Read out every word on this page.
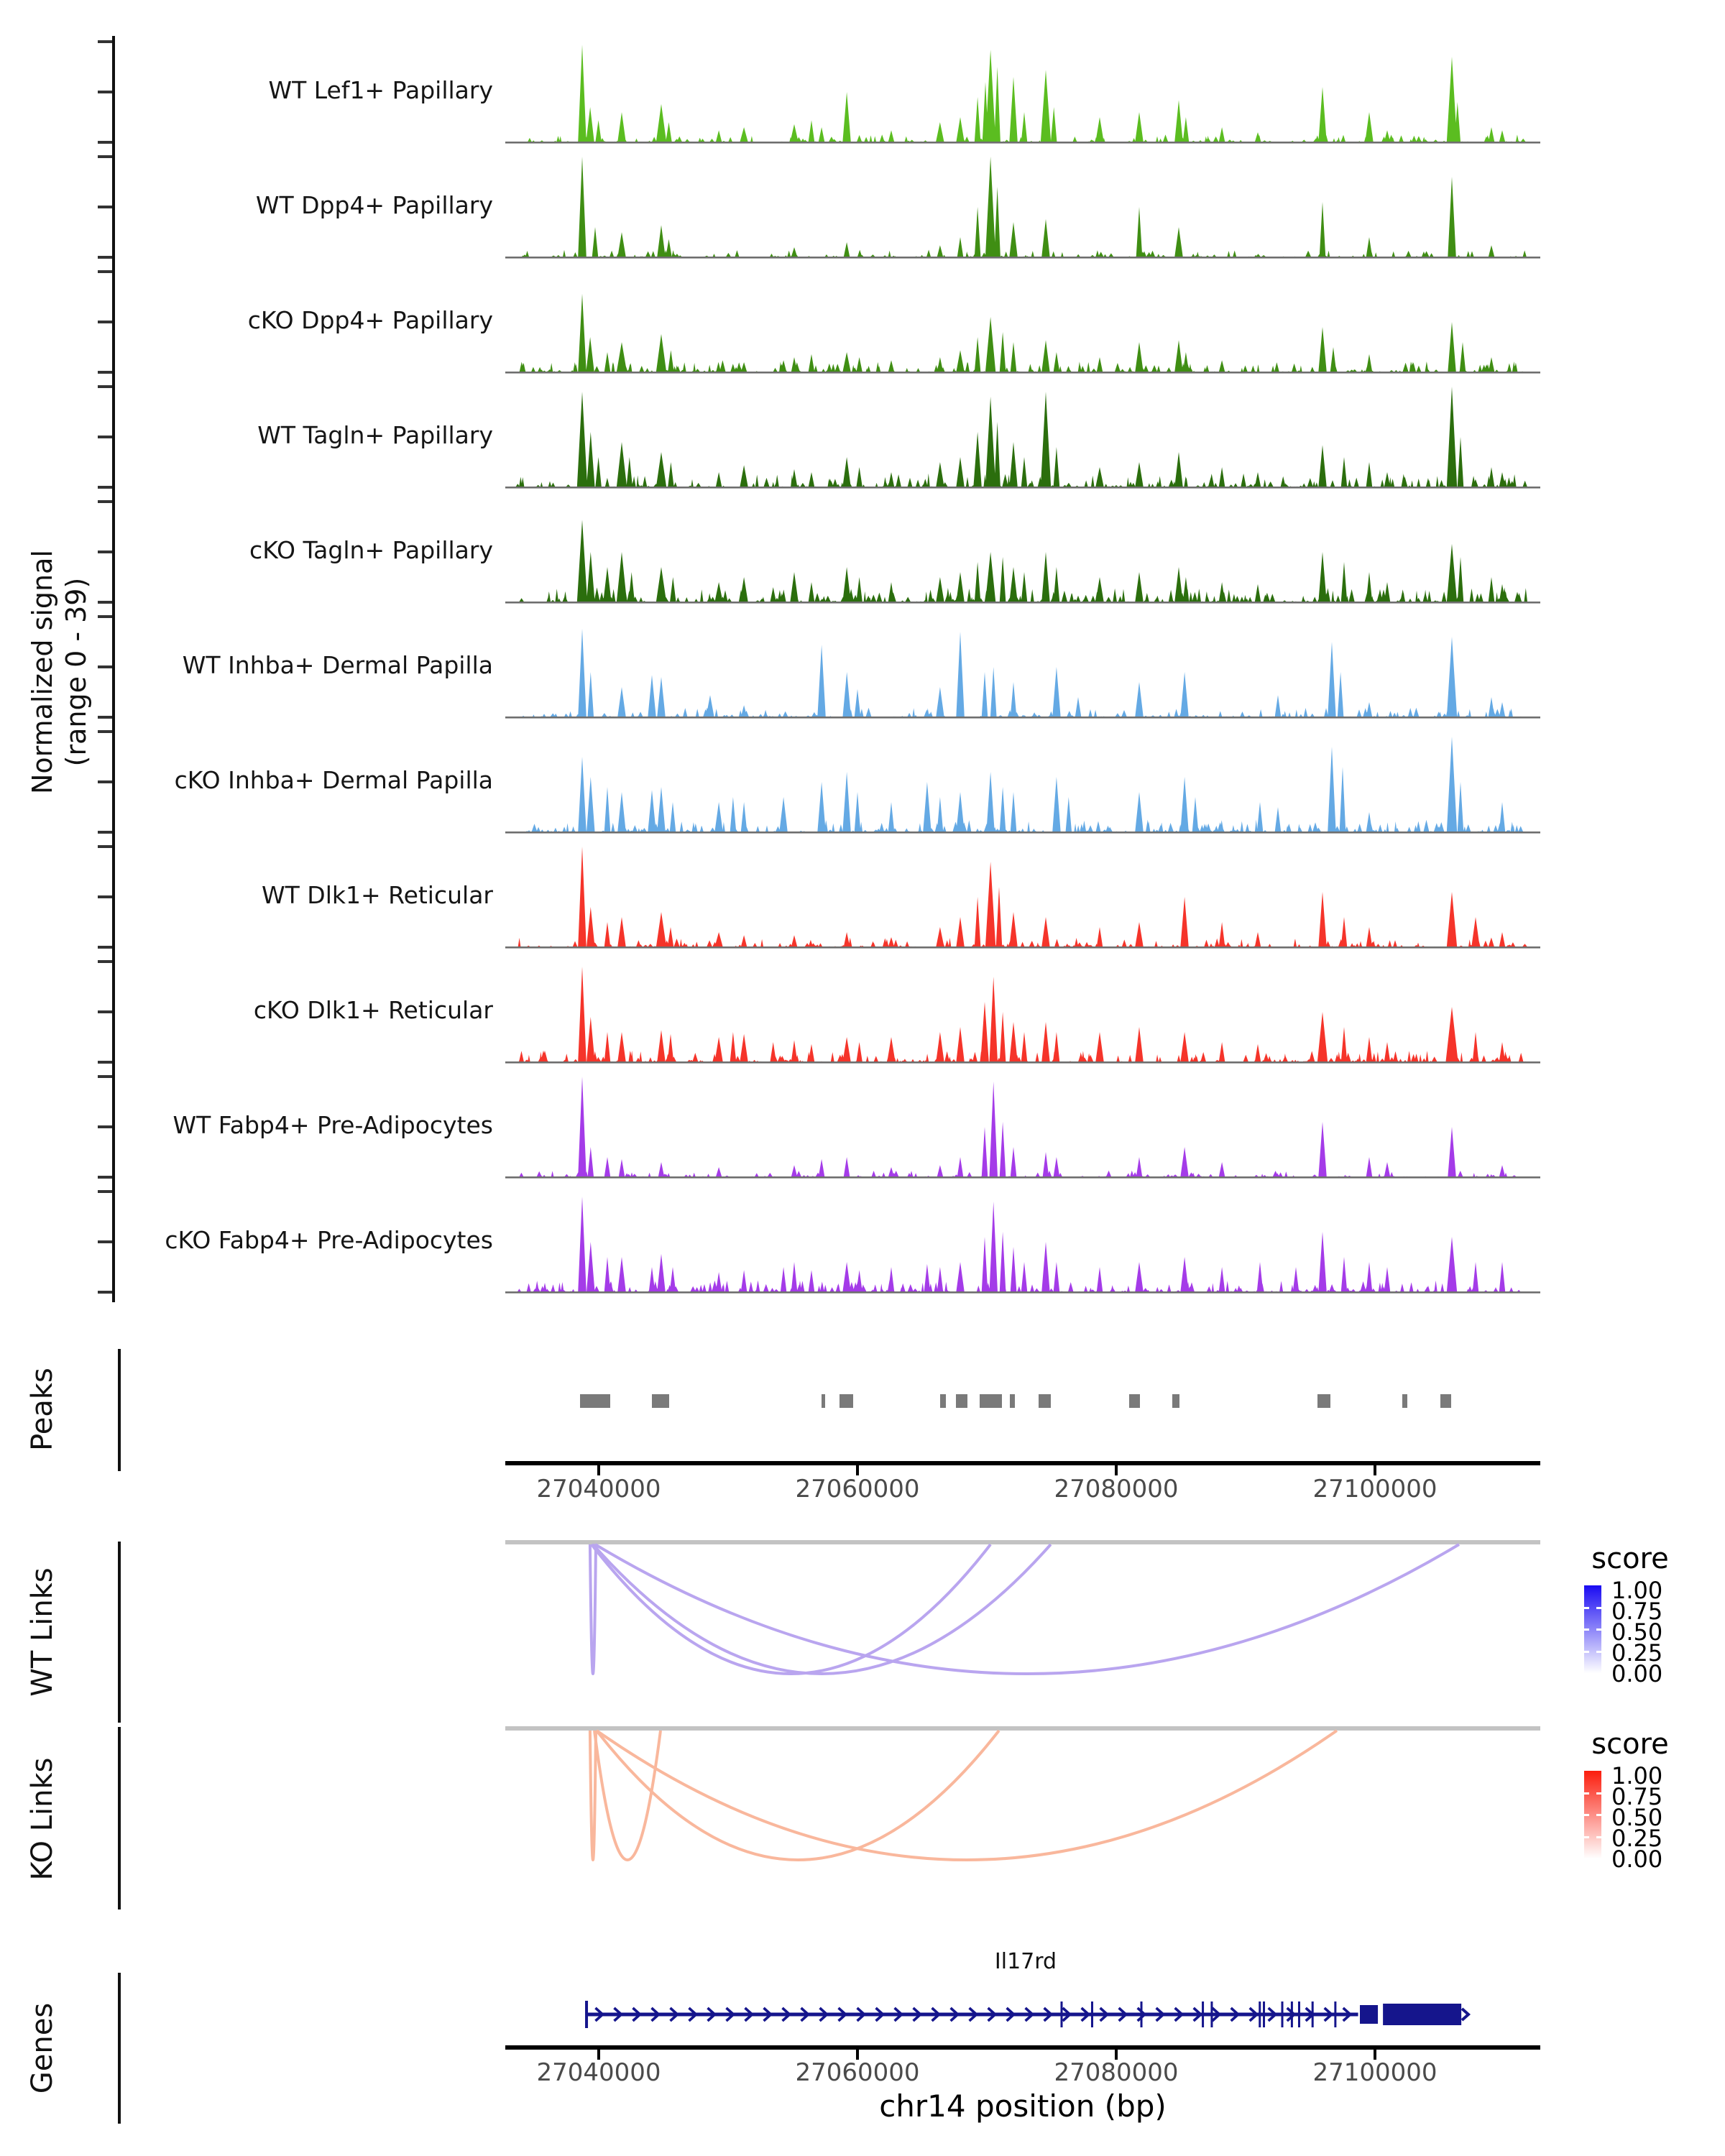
Normalized signal (range 0 - 39)
WT Lef1+ Papillary
WT Dpp4+ Papillary
cKO Dpp4+ Papillary
WT Tagln+ Papillary
cKO Tagln+ Papillary
WT Inhba+ Dermal Papilla
cKO Inhba+ Dermal Papilla
WT Dlk1+ Reticular
cKO Dlk1+ Reticular
WT Fabp4+ Pre-Adipocytes
cKO Fabp4+ Pre-Adipocytes
Peaks
27040000	27060000	27080000	27100000
WT Links
score
1.00
0.75
0.50
0.25
0.00
KO Links
score
1.00
0.75
0.50
0.25
0.00
Genes
Il17rd
27040000	27060000	27080000	27100000
chr14 position (bp)
